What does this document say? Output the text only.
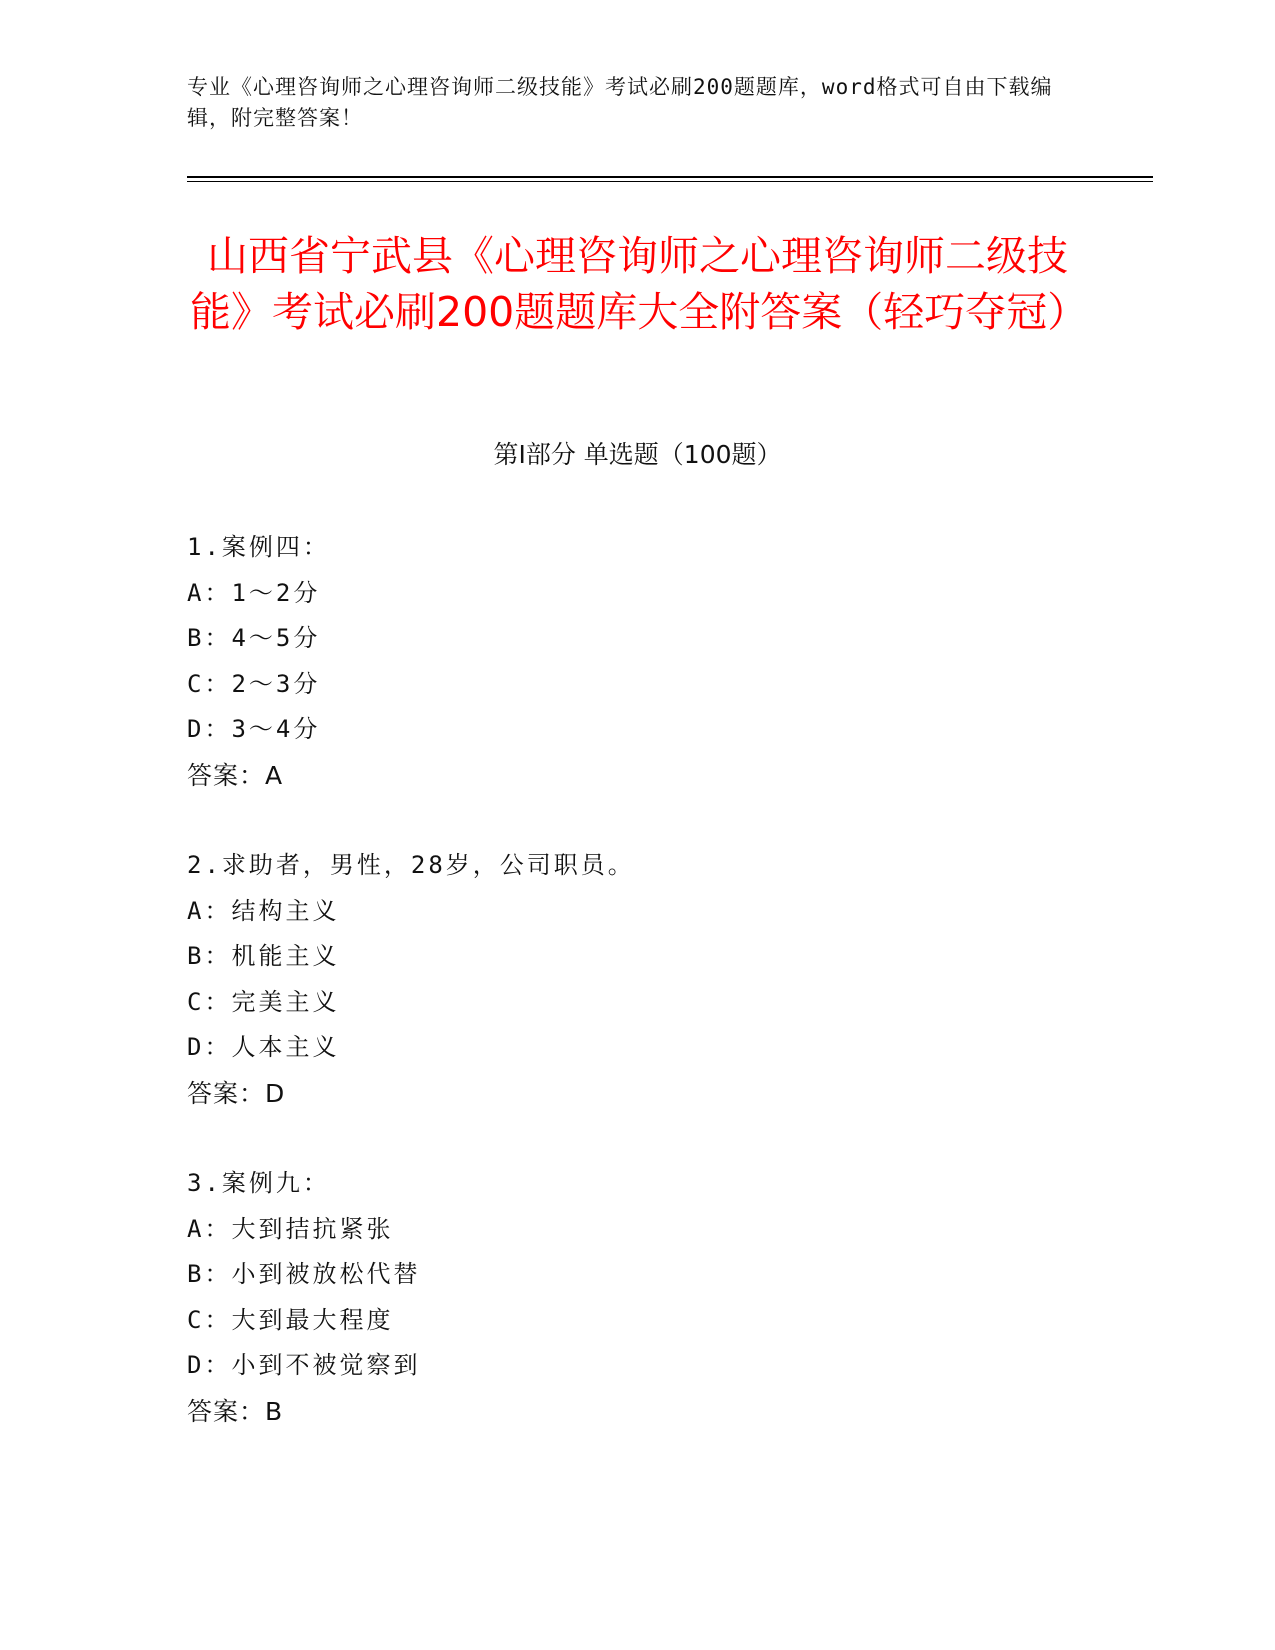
专业《心理咨询师之心理咨询师二级技能》考试必刷200题题库，word格式可自由下载编辑，附完整答案！
山西省宁武县《心理咨询师之心理咨询师二级技能》考试必刷200题题库大全附答案（轻巧夺冠）
第Ⅰ部分 单选题（100题）
1.案例四：
A：1～2分
B：4～5分
C：2～3分
D：3～4分
答案：A
2.求助者，男性，28岁，公司职员。
A：结构主义
B：机能主义
C：完美主义
D：人本主义
答案：D
3.案例九：
A：大到拮抗紧张
B：小到被放松代替
C：大到最大程度
D：小到不被觉察到
答案：B
